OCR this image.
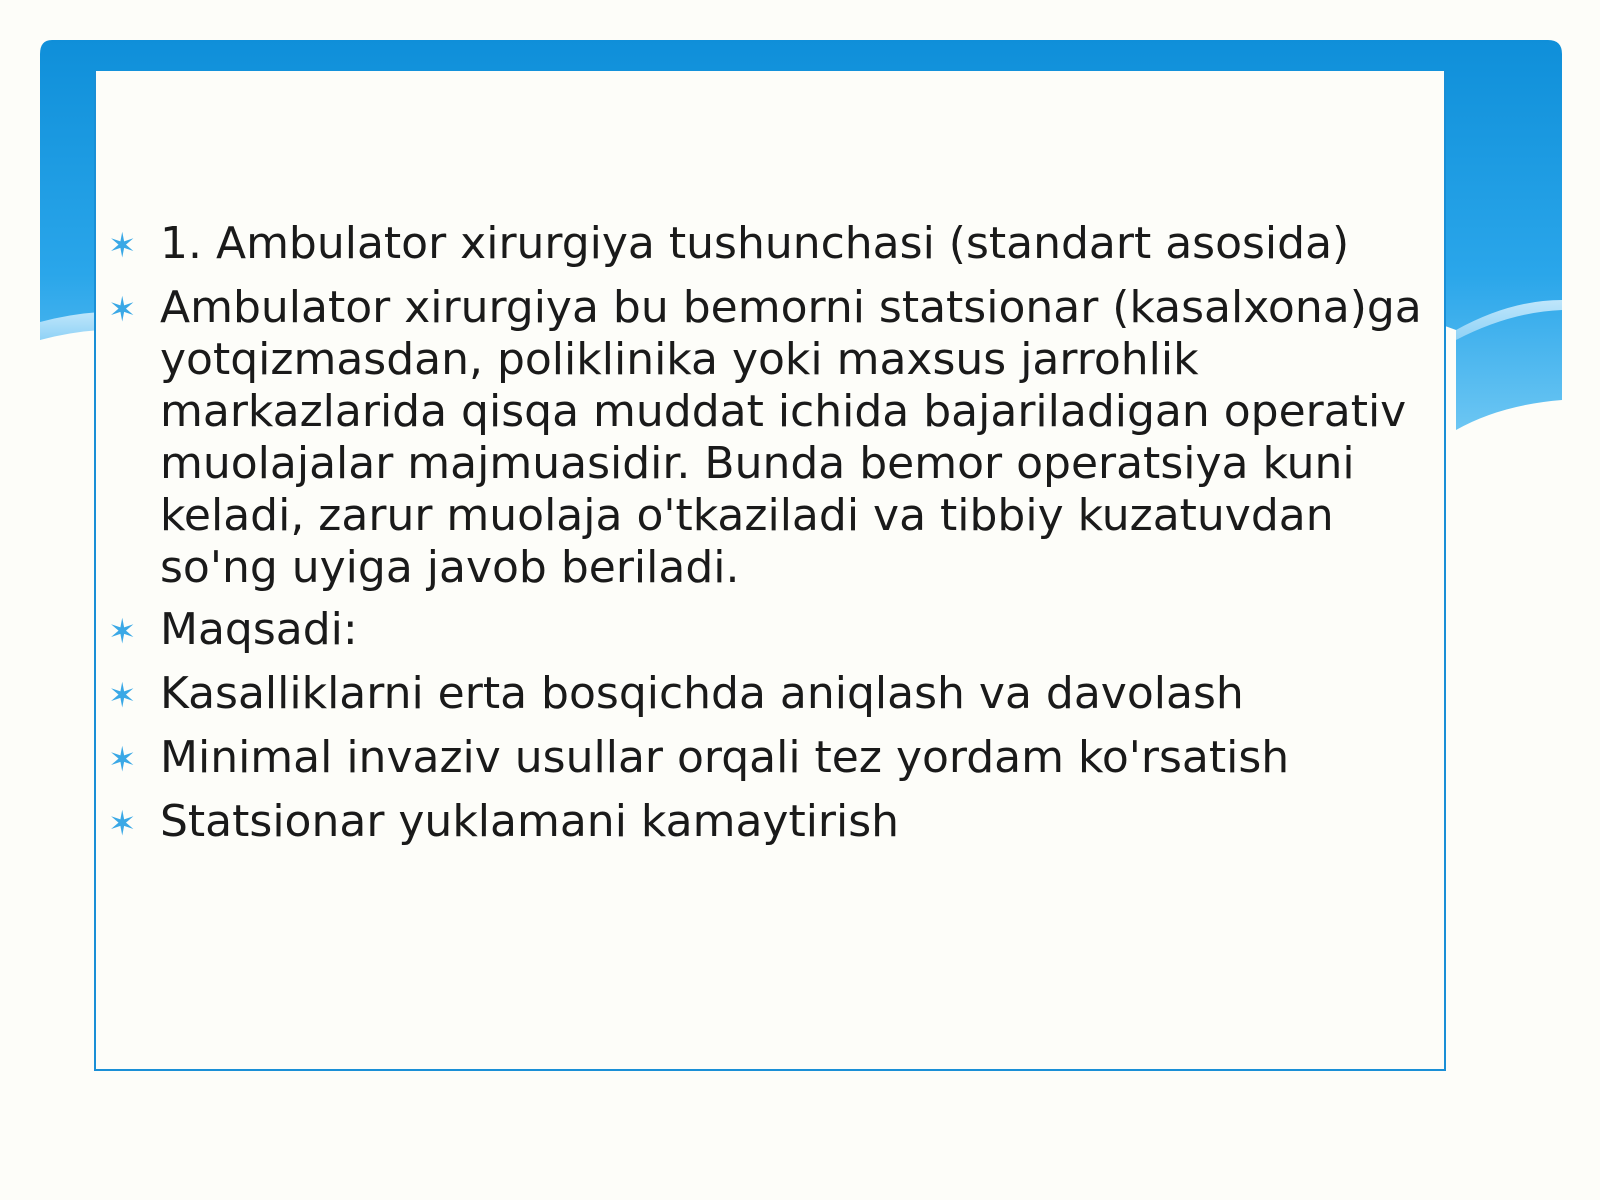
✶ 1. Ambulator xirurgiya tushunchasi (standart asosida)
✶ Ambulator xirurgiya bu bemorni statsionar (kasalxona)ga yotqizmasdan, poliklinika yoki maxsus jarrohlik markazlarida qisqa muddat ichida bajariladigan operativ muolajalar majmuasidir. Bunda bemor operatsiya kuni keladi, zarur muolaja o'tkaziladi va tibbiy kuzatuvdan so'ng uyiga javob beriladi.
✶ Maqsadi:
✶ Kasalliklarni erta bosqichda aniqlash va davolash
✶ Minimal invaziv usullar orqali tez yordam ko'rsatish
✶ Statsionar yuklamani kamaytirish
